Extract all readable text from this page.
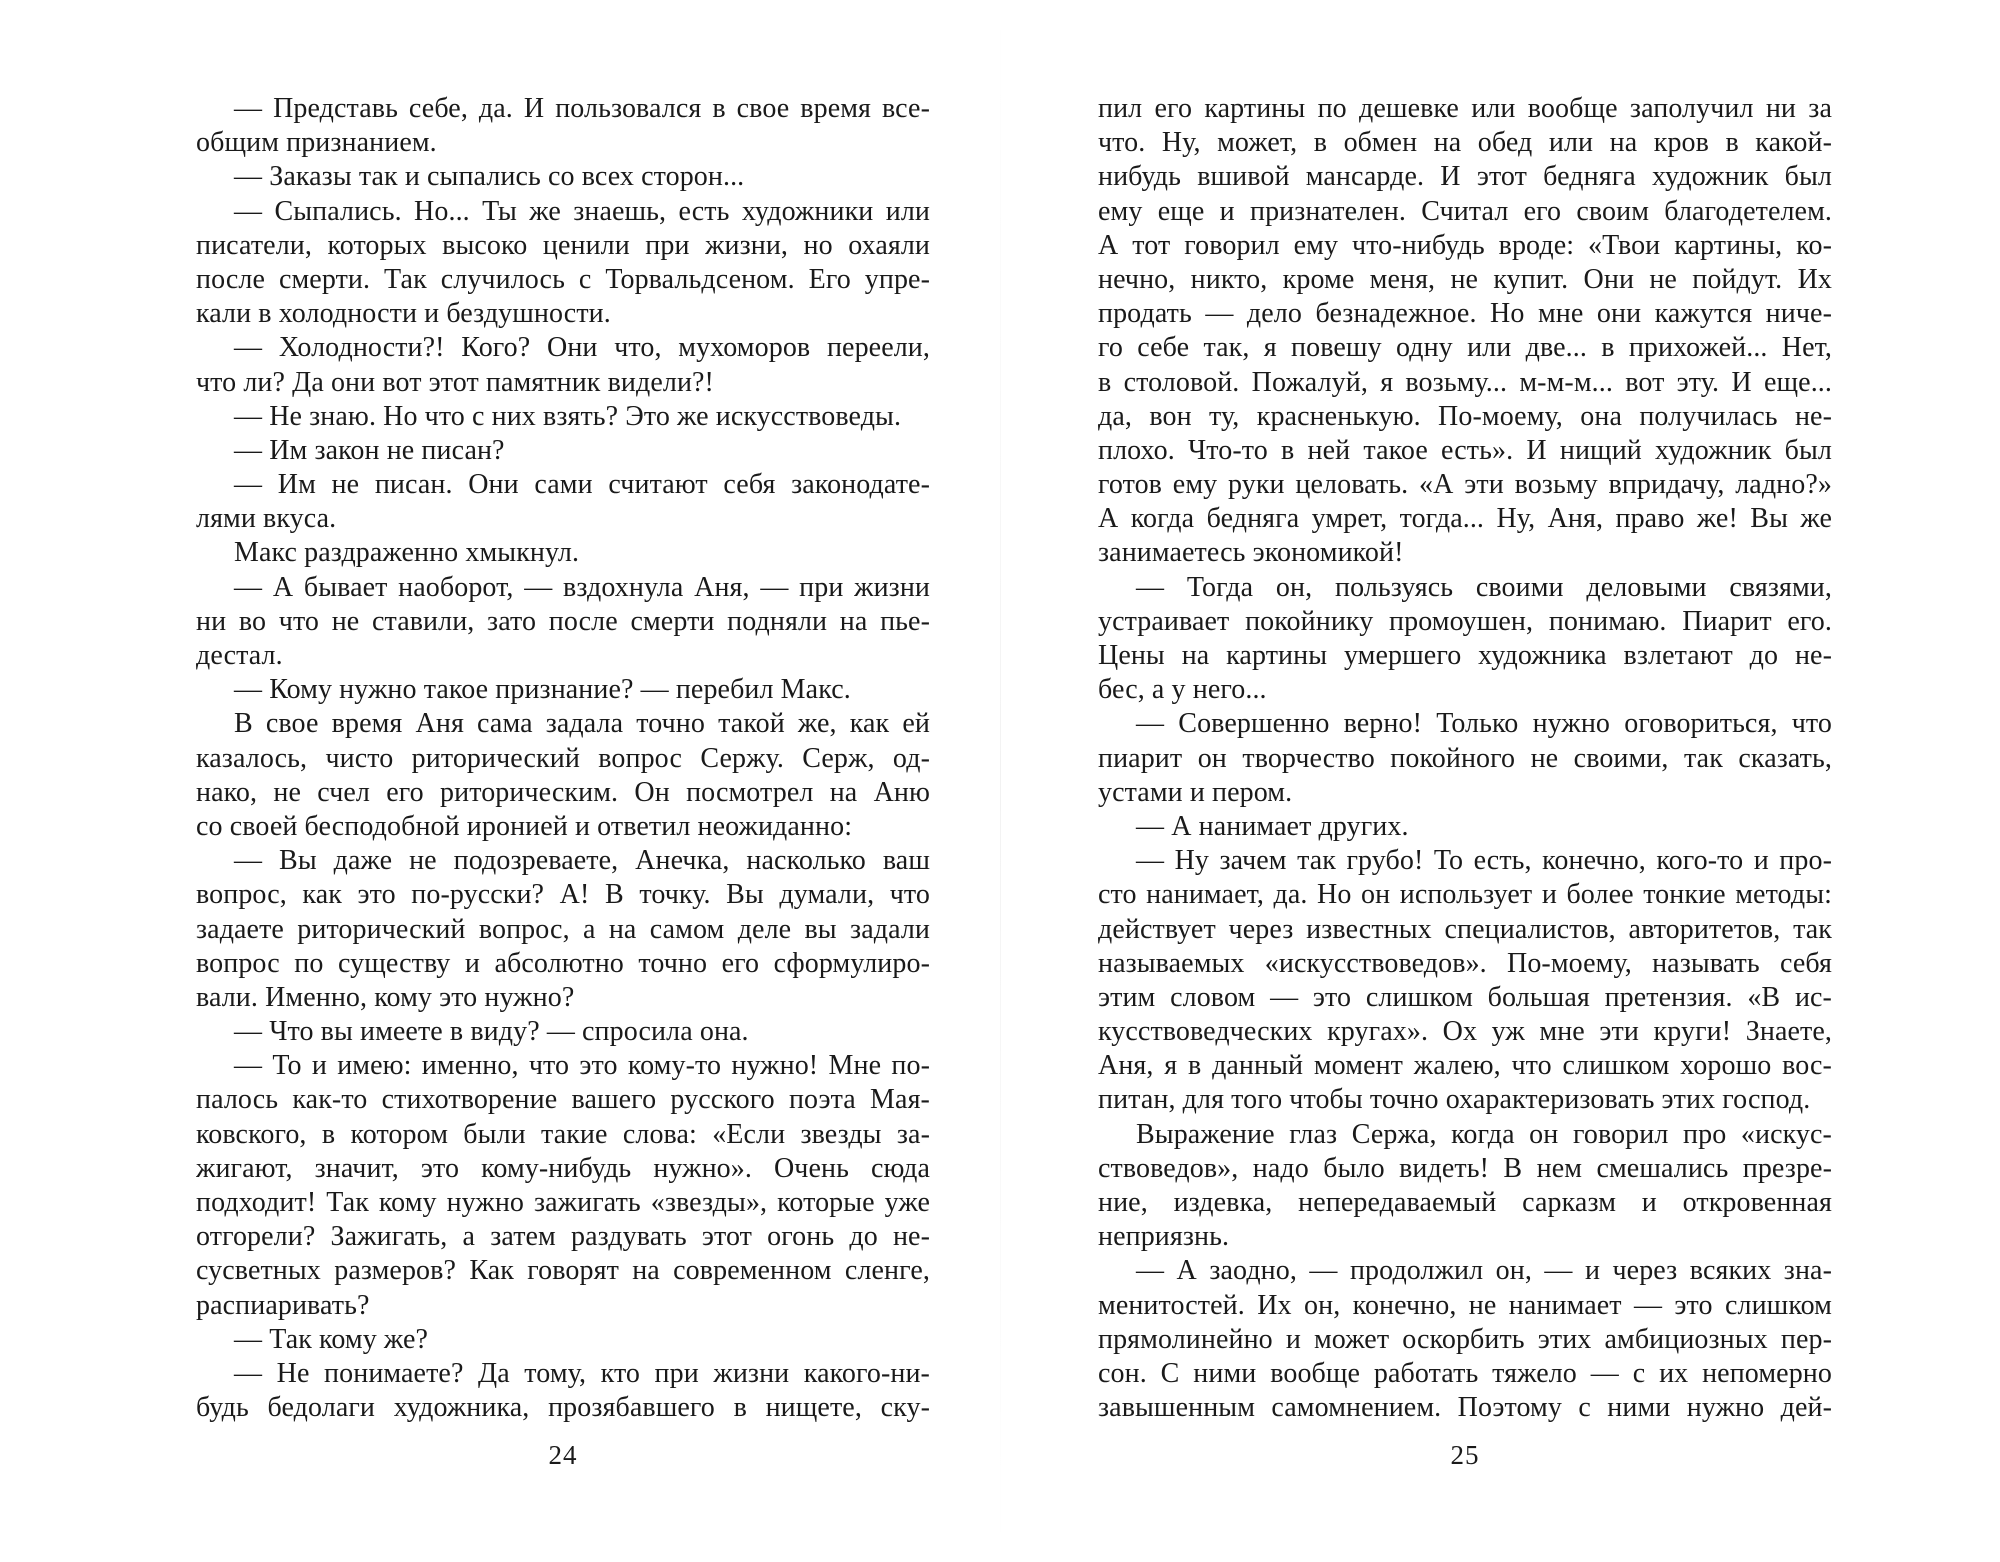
— Представь себе, да. И пользовался в свое время все-
общим признанием.
— Заказы так и сыпались со всех сторон...
— Сыпались. Но... Ты же знаешь, есть художники или
писатели, которых высоко ценили при жизни, но охаяли
после смерти. Так случилось с Торвальдсеном. Его упре-
кали в холодности и бездушности.
— Холодности?! Кого? Они что, мухоморов переели,
что ли? Да они вот этот памятник видели?!
— Не знаю. Но что с них взять? Это же искусствоведы.
— Им закон не писан?
— Им не писан. Они сами считают себя законодате-
лями вкуса.
Макс раздраженно хмыкнул.
— А бывает наоборот, — вздохнула Аня, — при жизни
ни во что не ставили, зато после смерти подняли на пье-
дестал.
— Кому нужно такое признание? — перебил Макс.
В свое время Аня сама задала точно такой же, как ей
казалось, чисто риторический вопрос Сержу. Серж, од-
нако, не счел его риторическим. Он посмотрел на Аню
со своей бесподобной иронией и ответил неожиданно:
— Вы даже не подозреваете, Анечка, насколько ваш
вопрос, как это по-русски? А! В точку. Вы думали, что
задаете риторический вопрос, а на самом деле вы задали
вопрос по существу и абсолютно точно его сформулиро-
вали. Именно, кому это нужно?
— Что вы имеете в виду? — спросила она.
— То и имею: именно, что это кому-то нужно! Мне по-
палось как-то стихотворение вашего русского поэта Мая-
ковского, в котором были такие слова: «Если звезды за-
жигают, значит, это кому-нибудь нужно». Очень сюда
подходит! Так кому нужно зажигать «звезды», которые уже
отгорели? Зажигать, а затем раздувать этот огонь до не-
сусветных размеров? Как говорят на современном сленге,
распиаривать?
— Так кому же?
— Не понимаете? Да тому, кто при жизни какого-ни-
будь бедолаги художника, прозябавшего в нищете, ску-
24
пил его картины по дешевке или вообще заполучил ни за
что. Ну, может, в обмен на обед или на кров в какой-
нибудь вшивой мансарде. И этот бедняга художник был
ему еще и признателен. Считал его своим благодетелем.
А тот говорил ему что-нибудь вроде: «Твои картины, ко-
нечно, никто, кроме меня, не купит. Они не пойдут. Их
продать — дело безнадежное. Но мне они кажутся ниче-
го себе так, я повешу одну или две... в прихожей... Нет,
в столовой. Пожалуй, я возьму... м-м-м... вот эту. И еще...
да, вон ту, красненькую. По-моему, она получилась не-
плохо. Что-то в ней такое есть». И нищий художник был
готов ему руки целовать. «А эти возьму впридачу, ладно?»
А когда бедняга умрет, тогда... Ну, Аня, право же! Вы же
занимаетесь экономикой!
— Тогда он, пользуясь своими деловыми связями,
устраивает покойнику промоушен, понимаю. Пиарит его.
Цены на картины умершего художника взлетают до не-
бес, а у него...
— Совершенно верно! Только нужно оговориться, что
пиарит он творчество покойного не своими, так сказать,
устами и пером.
— А нанимает других.
— Ну зачем так грубо! То есть, конечно, кого-то и про-
сто нанимает, да. Но он использует и более тонкие методы:
действует через известных специалистов, авторитетов, так
называемых «искусствоведов». По-моему, называть себя
этим словом — это слишком большая претензия. «В ис-
кусствоведческих кругах». Ох уж мне эти круги! Знаете,
Аня, я в данный момент жалею, что слишком хорошо вос-
питан, для того чтобы точно охарактеризовать этих господ.
Выражение глаз Сержа, когда он говорил про «искус-
ствоведов», надо было видеть! В нем смешались презре-
ние, издевка, непередаваемый сарказм и откровенная
неприязнь.
— А заодно, — продолжил он, — и через всяких зна-
менитостей. Их он, конечно, не нанимает — это слишком
прямолинейно и может оскорбить этих амбициозных пер-
сон. С ними вообще работать тяжело — с их непомерно
завышенным самомнением. Поэтому с ними нужно дей-
25
